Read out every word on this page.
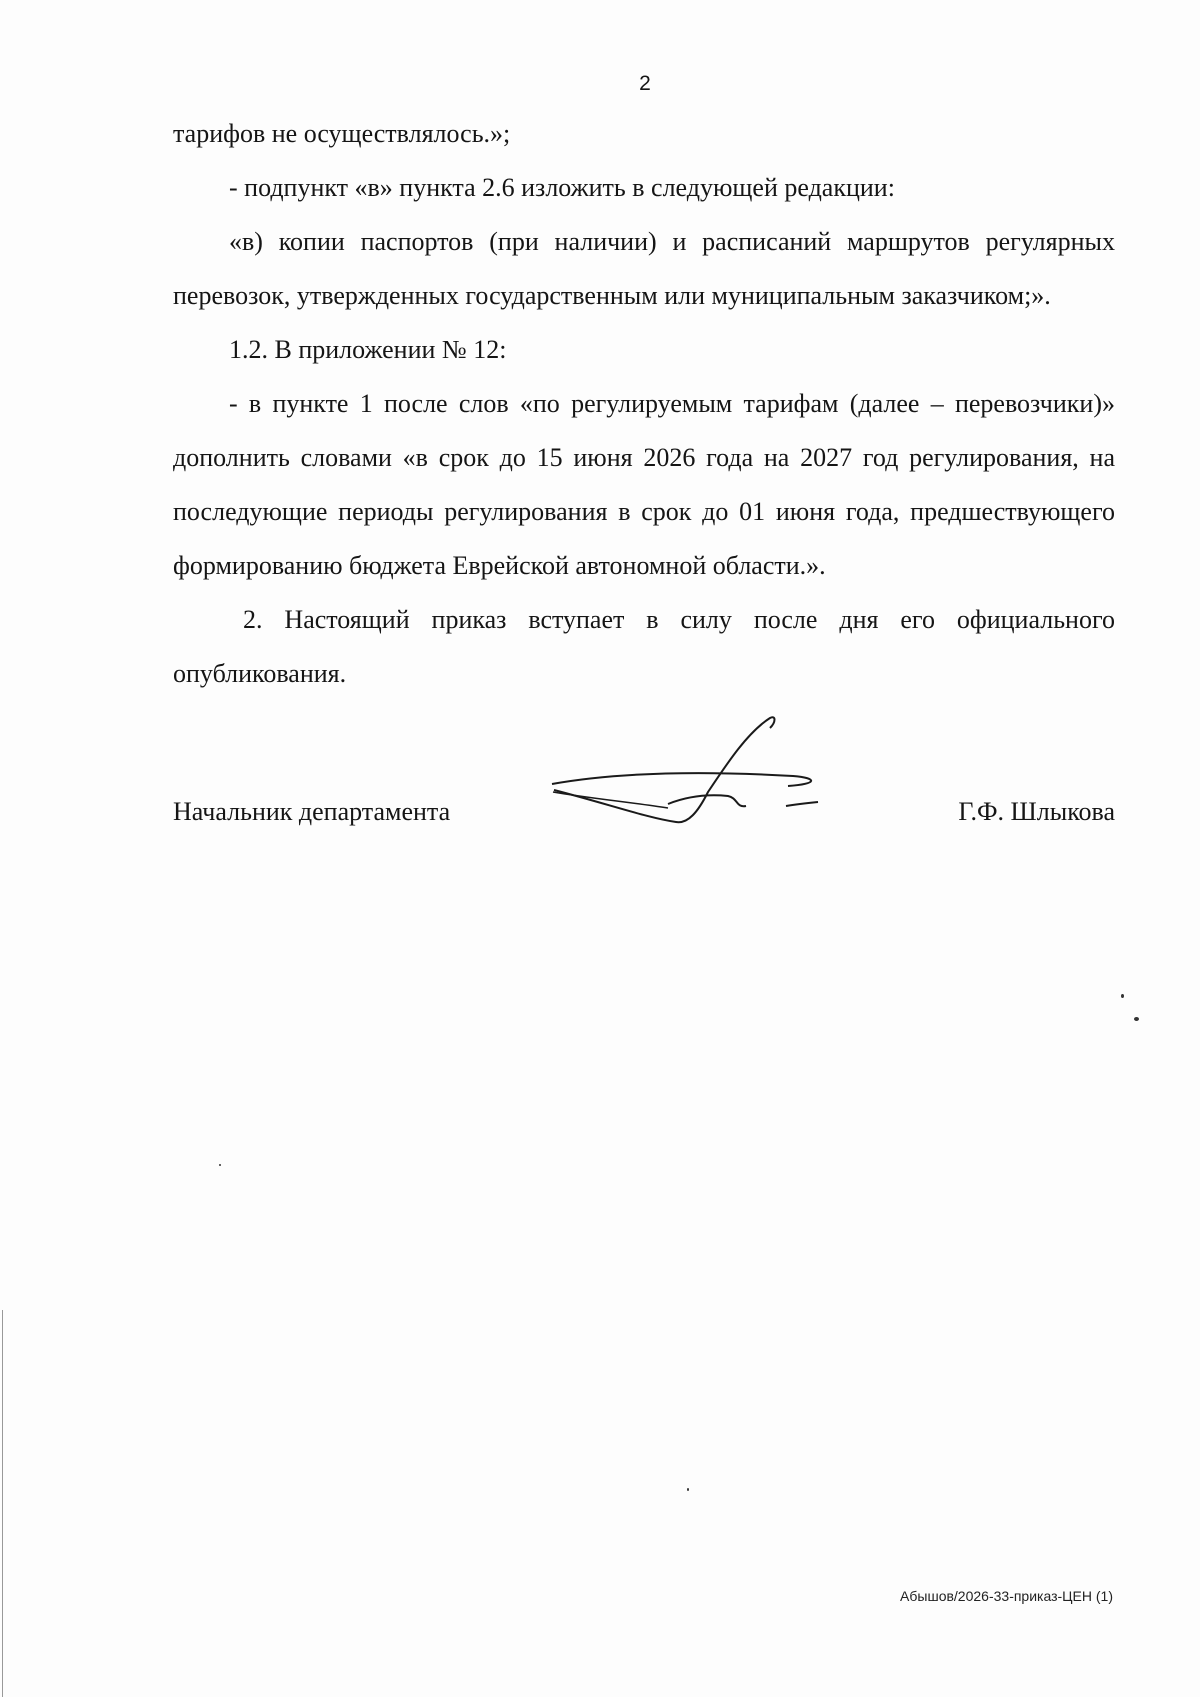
2

тарифов не осуществлялось.»;

- подпункт «в» пункта 2.6 изложить в следующей редакции:

«в) копии паспортов (при наличии) и расписаний маршрутов регулярных перевозок, утвержденных государственным или муниципальным заказчиком;».

1.2. В приложении № 12:

- в пункте 1 после слов «по регулируемым тарифам (далее – перевозчики)» дополнить словами «в срок до 15 июня 2026 года на 2027 год регулирования, на последующие периоды регулирования в срок до 01 июня года, предшествующего формированию бюджета Еврейской автономной области.».

2. Настоящий приказ вступает в силу после дня его официального опубликования.

Начальник департамента	Г.Ф. Шлыкова
Абышов/2026-33-приказ-ЦЕН (1)
